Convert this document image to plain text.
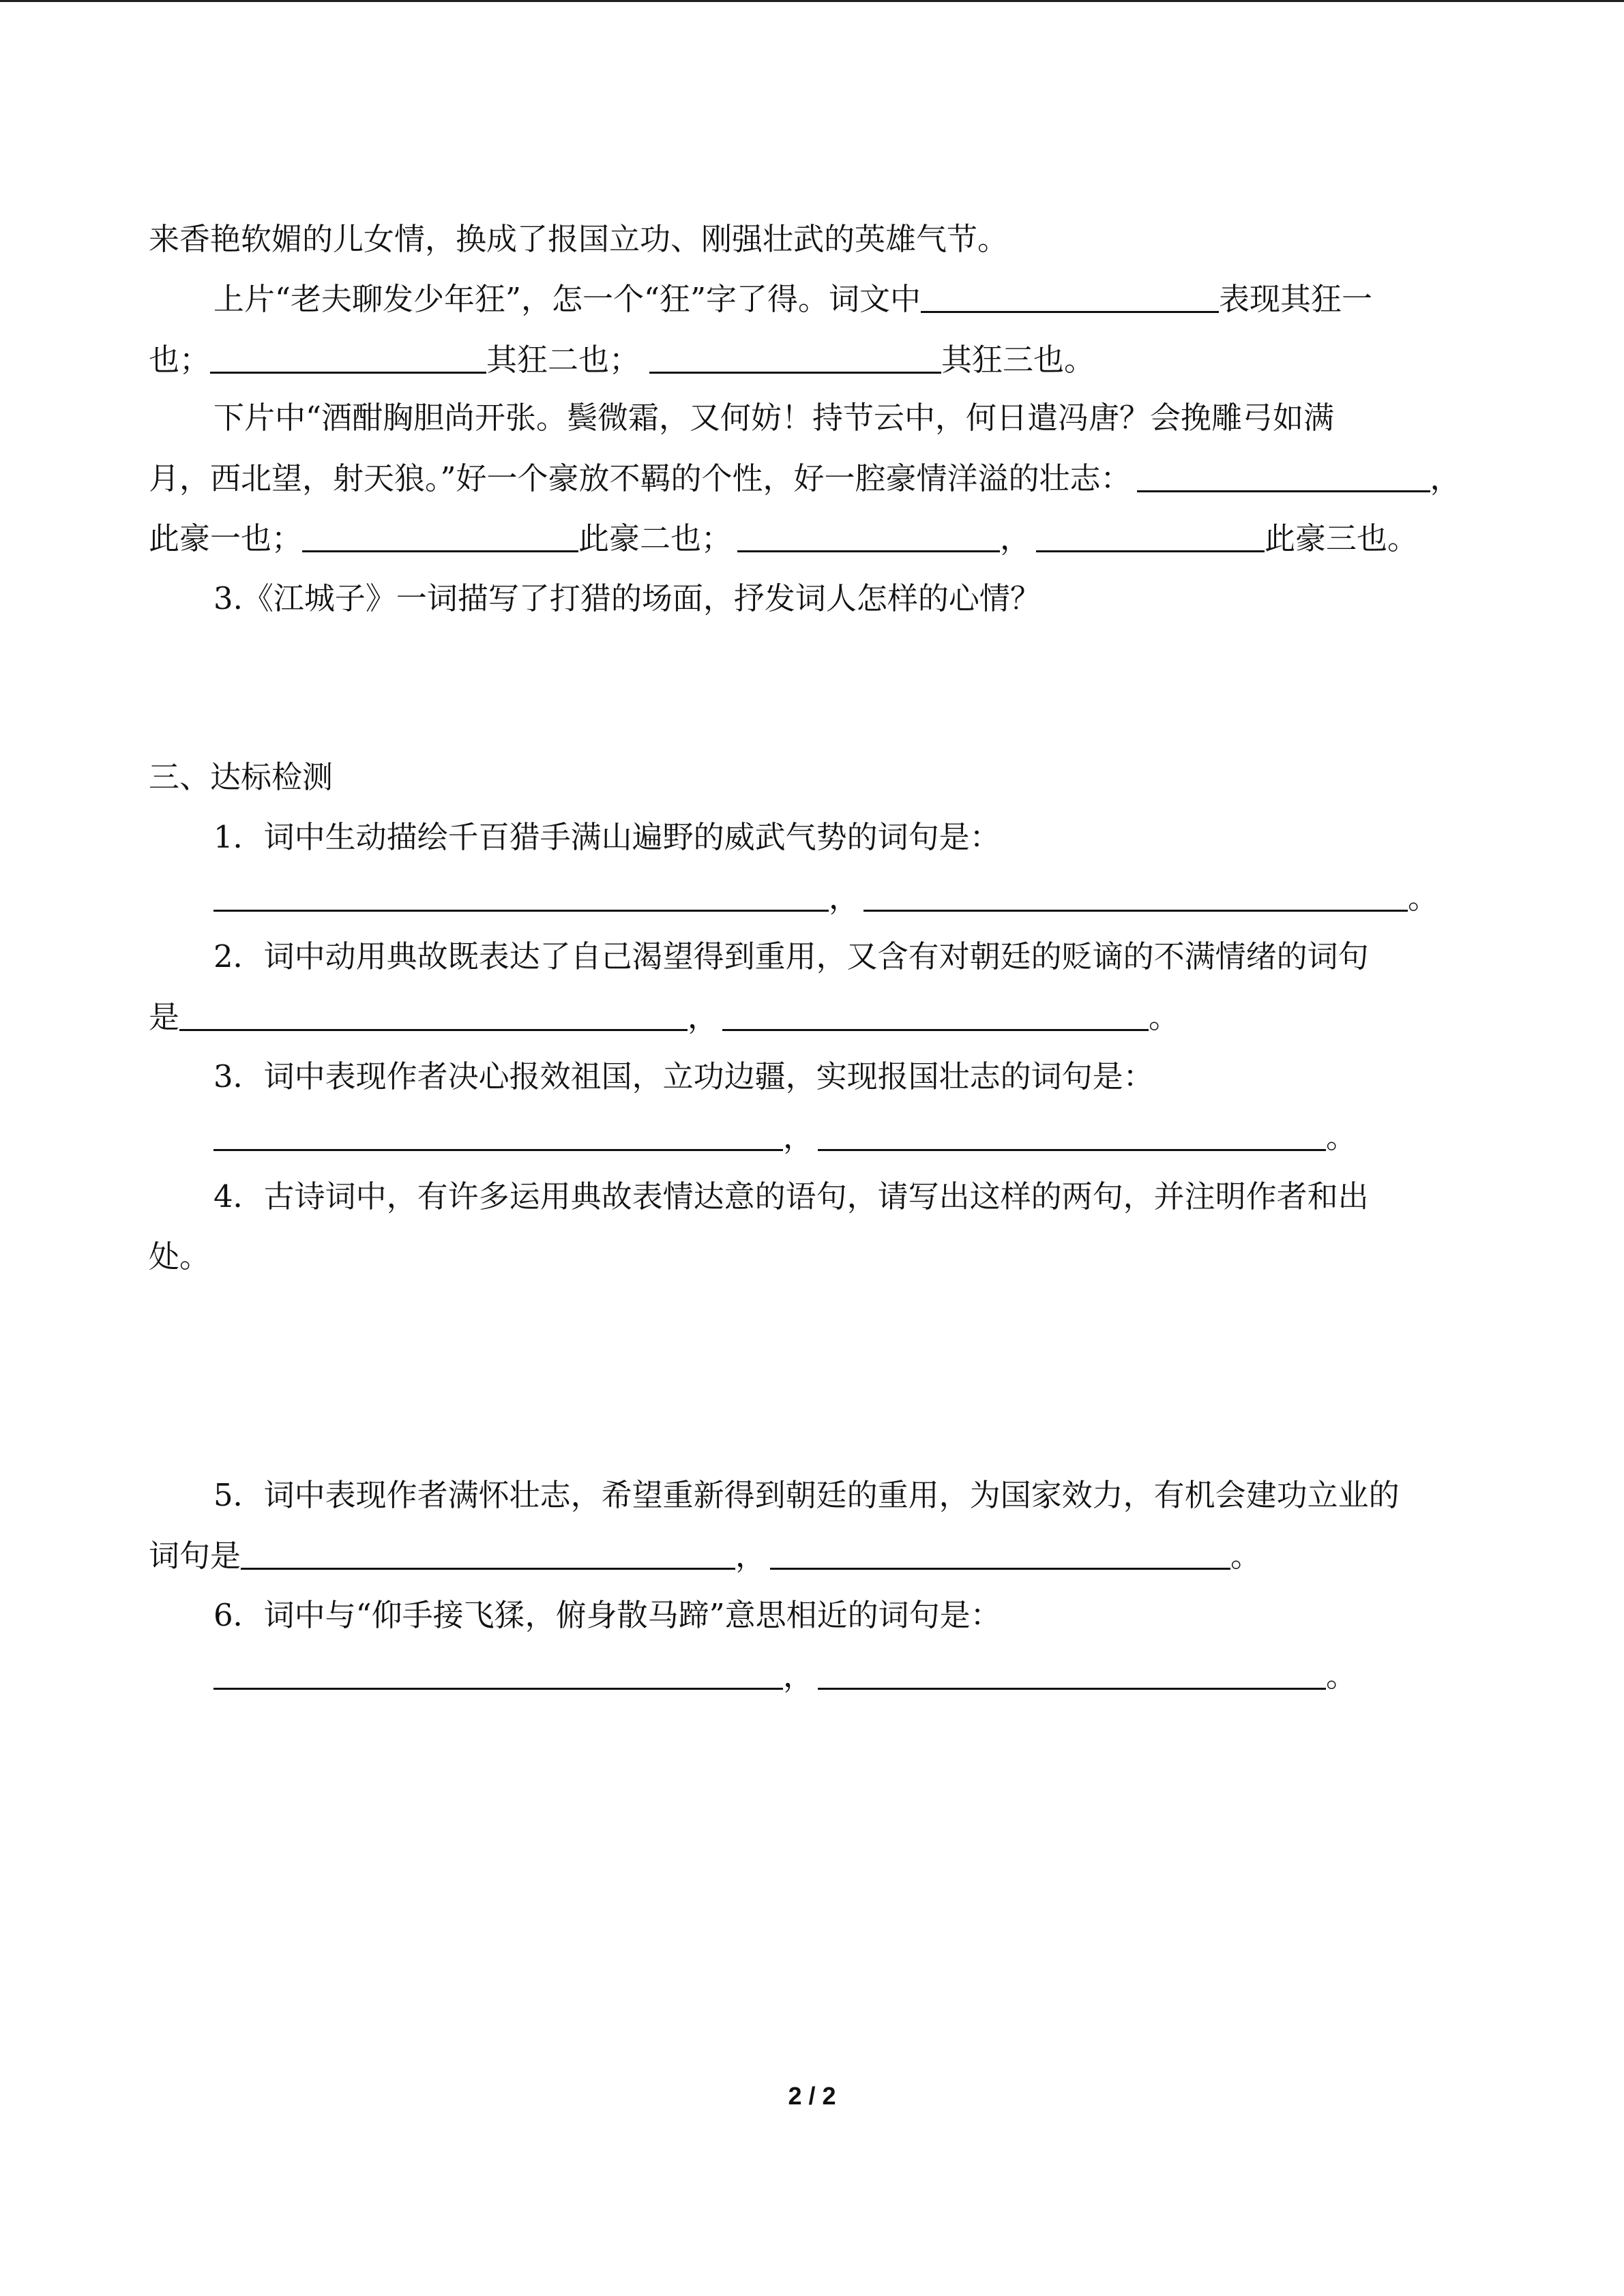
来香艳软媚的儿女情，换成了报国立功、刚强壮武的英雄气节。
上片“老夫聊发少年狂”，怎一个“狂”字了得。词文中	表现其狂一
也；	其狂二也；	其狂三也。
下片中“酒酣胸胆尚开张。鬓微霜，又何妨！持节云中，何日遣冯唐？会挽雕弓如满
月，西北望，射天狼。”好一个豪放不羁的个性，好一腔豪情洋溢的壮志：	，
此豪一也；	此豪二也；	，	此豪三也。
3.《江城子》一词描写了打猎的场面，抒发词人怎样的心情？
三、达标检测
1．词中生动描绘千百猎手满山遍野的威武气势的词句是：
，	。
2．词中动用典故既表达了自己渴望得到重用，又含有对朝廷的贬谪的不满情绪的词句
是	，	。
3．词中表现作者决心报效祖国，立功边疆，实现报国壮志的词句是：
，	。
4．古诗词中，有许多运用典故表情达意的语句，请写出这样的两句，并注明作者和出
处。
5．词中表现作者满怀壮志，希望重新得到朝廷的重用，为国家效力，有机会建功立业的
词句是	，	。
6．词中与“仰手接飞猱，俯身散马蹄”意思相近的词句是：
，	。
2 / 2
